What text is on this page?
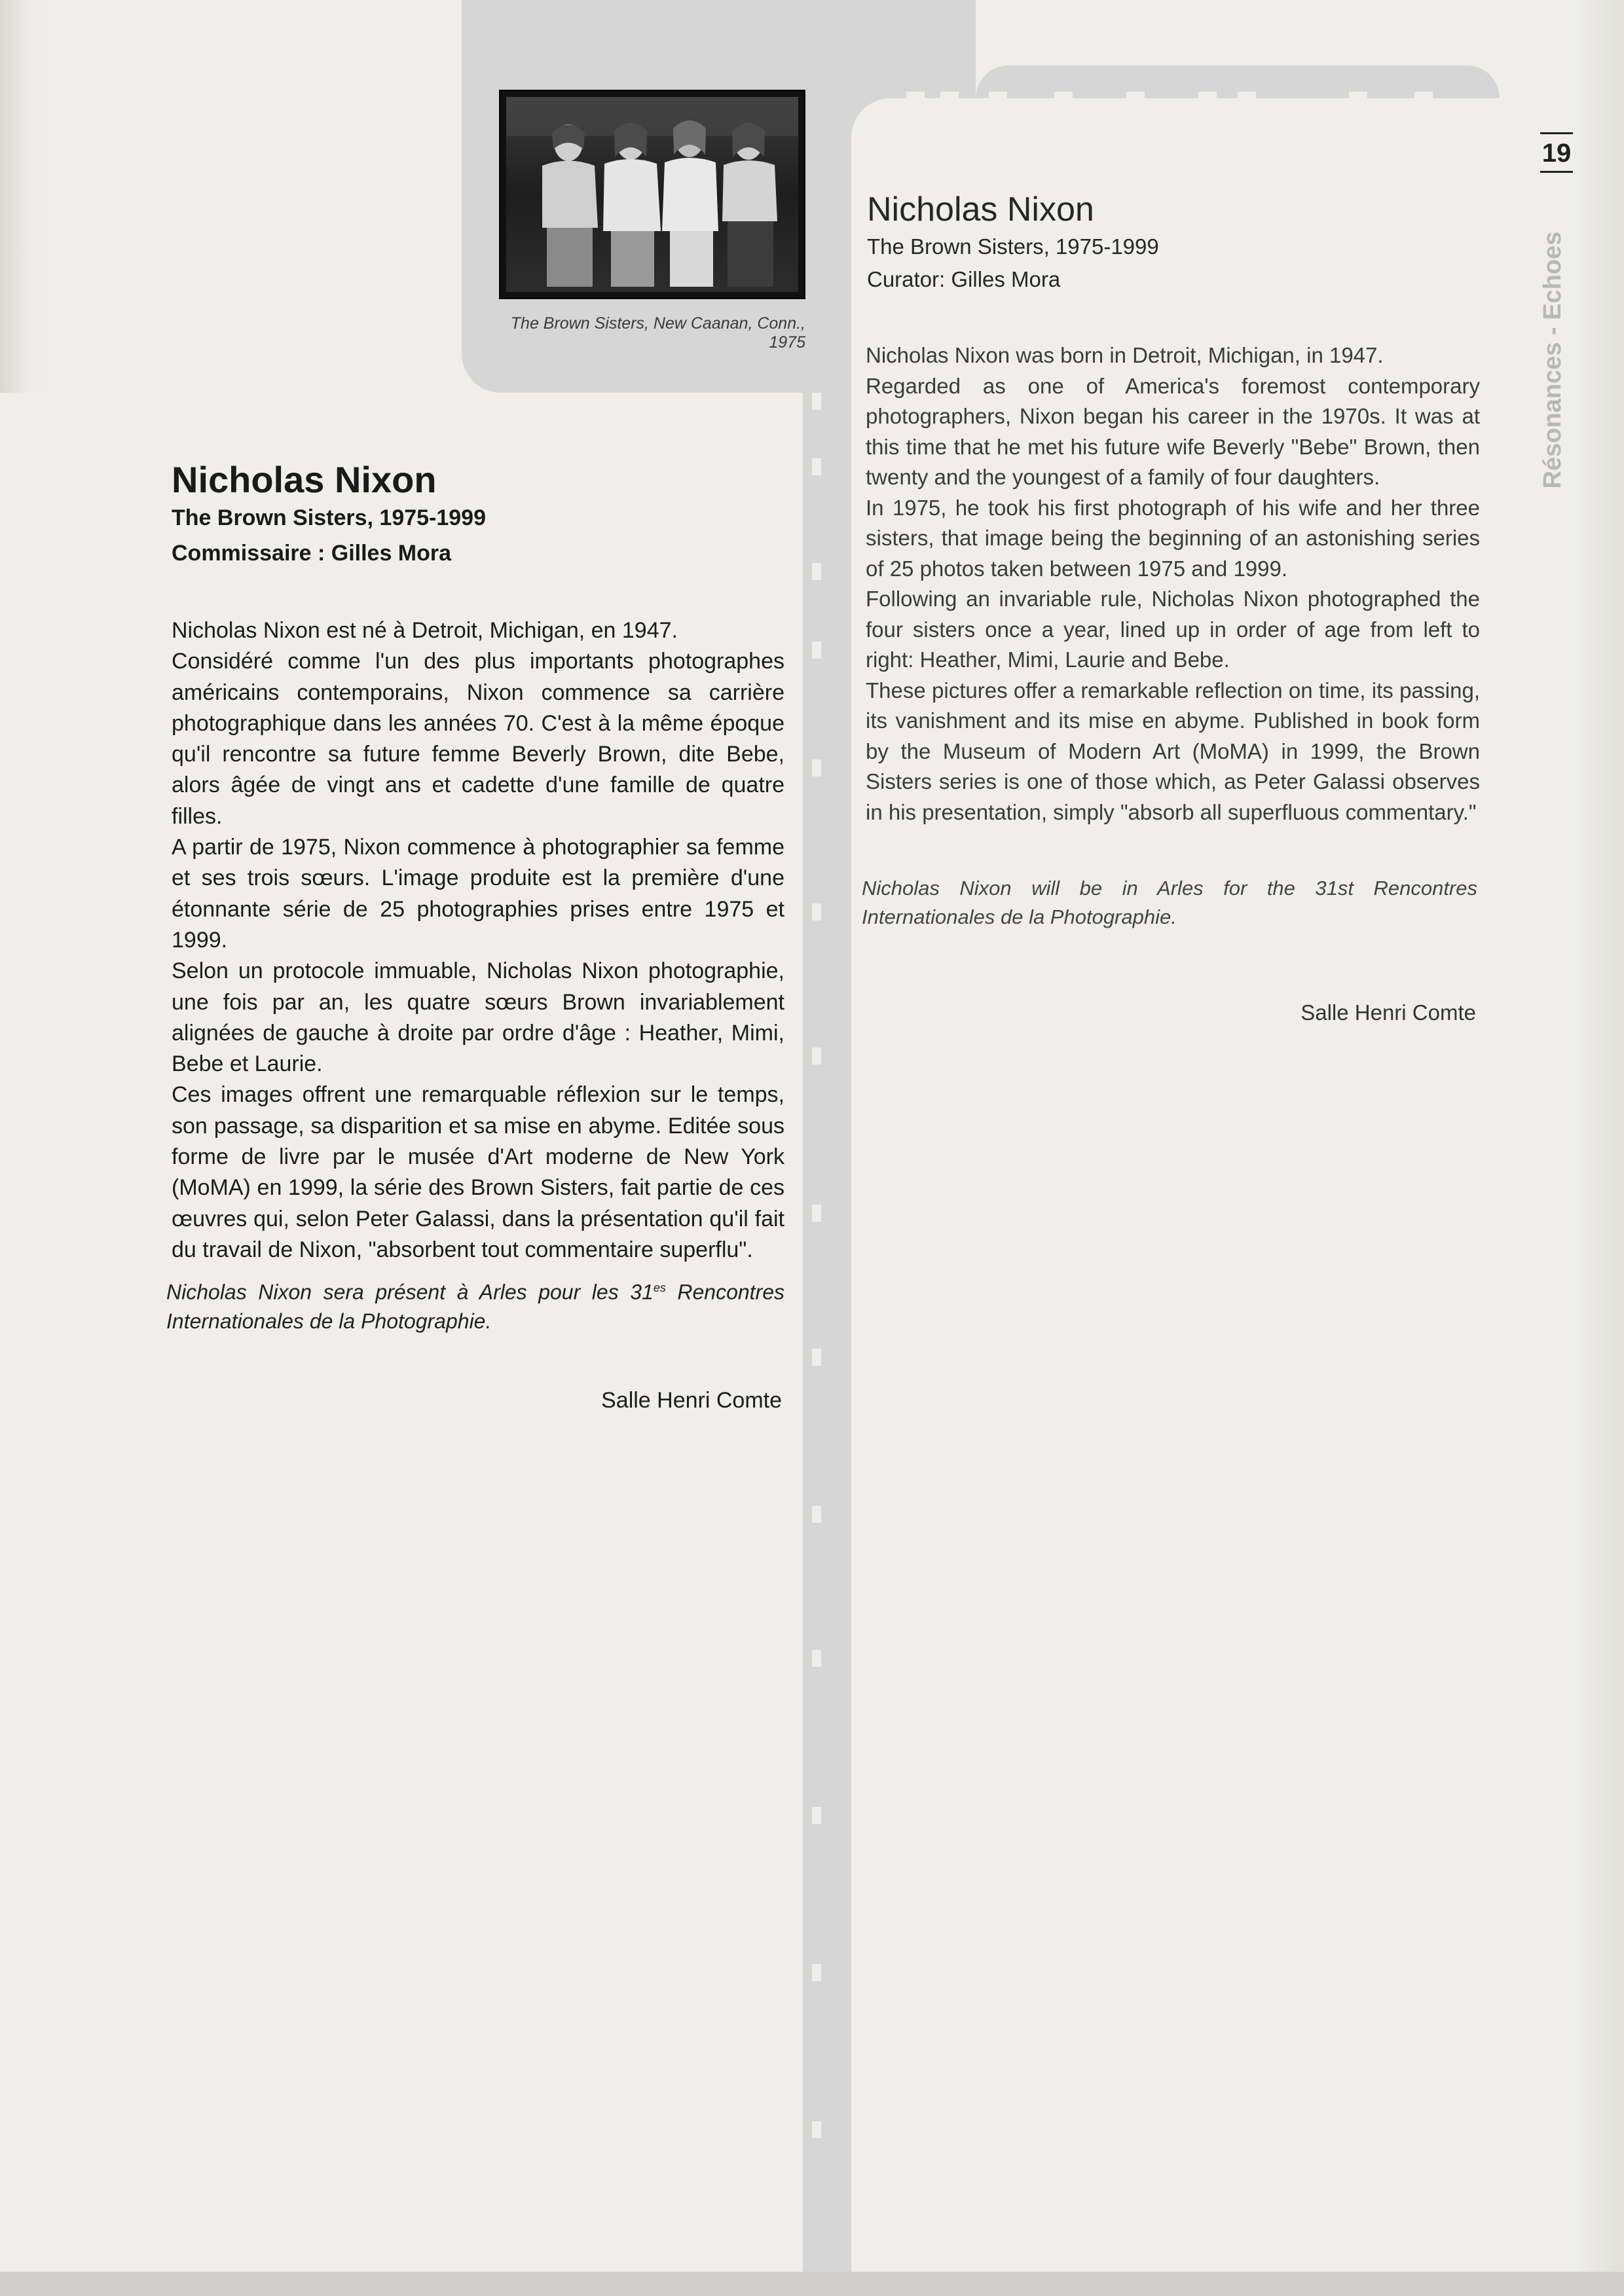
The Brown Sisters, New Caanan, Conn., 1975
Nicholas Nixon
The Brown Sisters, 1975-1999
Commissaire : Gilles Mora

Nicholas Nixon est né à Detroit, Michigan, en 1947.

Considéré comme l'un des plus importants photographes américains contemporains, Nixon commence sa carrière photographique dans les années 70. C'est à la même époque qu'il rencontre sa future femme Beverly Brown, dite Bebe, alors âgée de vingt ans et cadette d'une famille de quatre filles.

A partir de 1975, Nixon commence à photographier sa femme et ses trois sœurs. L'image produite est la première d'une étonnante série de 25 photographies prises entre 1975 et 1999.

Selon un protocole immuable, Nicholas Nixon photographie, une fois par an, les quatre sœurs Brown invariablement alignées de gauche à droite par ordre d'âge : Heather, Mimi, Bebe et Laurie.

Ces images offrent une remarquable réflexion sur le temps, son passage, sa disparition et sa mise en abyme. Editée sous forme de livre par le musée d'Art moderne de New York (MoMA) en 1999, la série des Brown Sisters, fait partie de ces œuvres qui, selon Peter Galassi, dans la présentation qu'il fait du travail de Nixon, "absorbent tout commentaire superflu".

Nicholas Nixon sera présent à Arles pour les $31^{es}$ Rencontres Internationales de la Photographie.
Salle Henri Comte
Nicholas Nixon
The Brown Sisters, 1975-1999
Curator: Gilles Mora

Nicholas Nixon was born in Detroit, Michigan, in 1947.

Regarded as one of America's foremost contemporary photographers, Nixon began his career in the 1970s. It was at this time that he met his future wife Beverly "Bebe" Brown, then twenty and the youngest of a family of four daughters.

In 1975, he took his first photograph of his wife and her three sisters, that image being the beginning of an astonishing series of 25 photos taken between 1975 and 1999.

Following an invariable rule, Nicholas Nixon photographed the four sisters once a year, lined up in order of age from left to right: Heather, Mimi, Laurie and Bebe.

These pictures offer a remarkable reflection on time, its passing, its vanishment and its mise en abyme. Published in book form by the Museum of Modern Art (MoMA) in 1999, the Brown Sisters series is one of those which, as Peter Galassi observes in his presentation, simply "absorb all superfluous commentary."

Nicholas Nixon will be in Arles for the 31st Rencontres Internationales de la Photographie.
Salle Henri Comte
19
Résonances - Echoes
